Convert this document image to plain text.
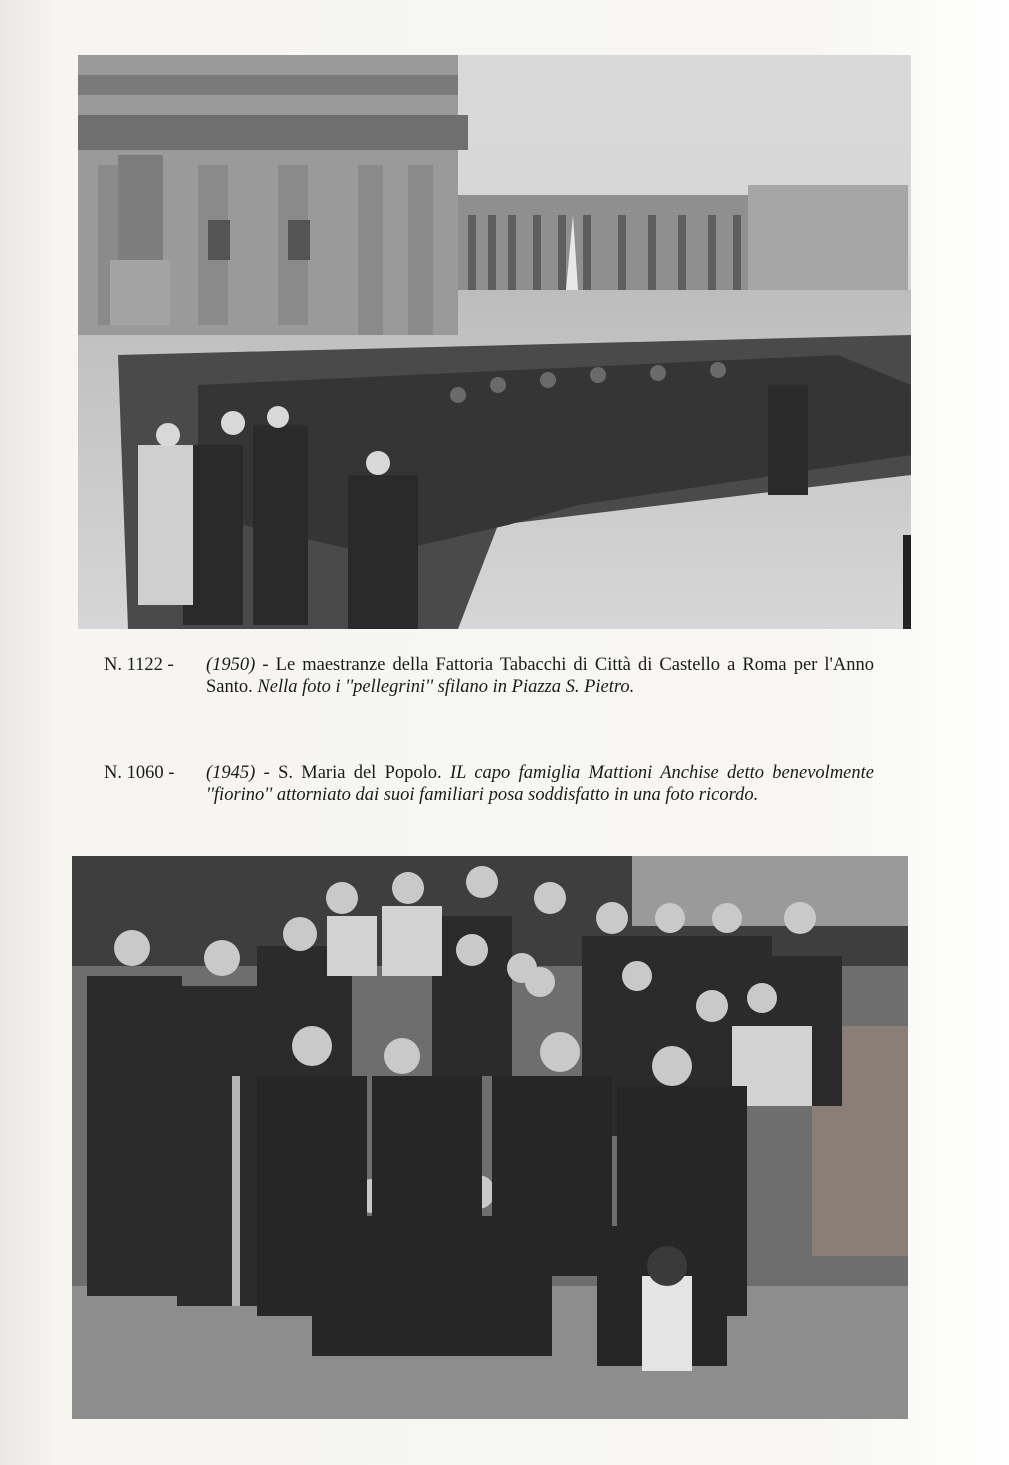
N. 1122 - (1950) - Le maestranze della Fattoria Tabacchi di Città di Castello a Roma per l'Anno Santo. Nella foto i ''pellegrini'' sfilano in Piazza S. Pietro.
N. 1060 - (1945) - S. Maria del Popolo. IL capo famiglia Mattioni Anchise detto benevolmente ''fiorino'' attorniato dai suoi familiari posa soddisfatto in una foto ricordo.
